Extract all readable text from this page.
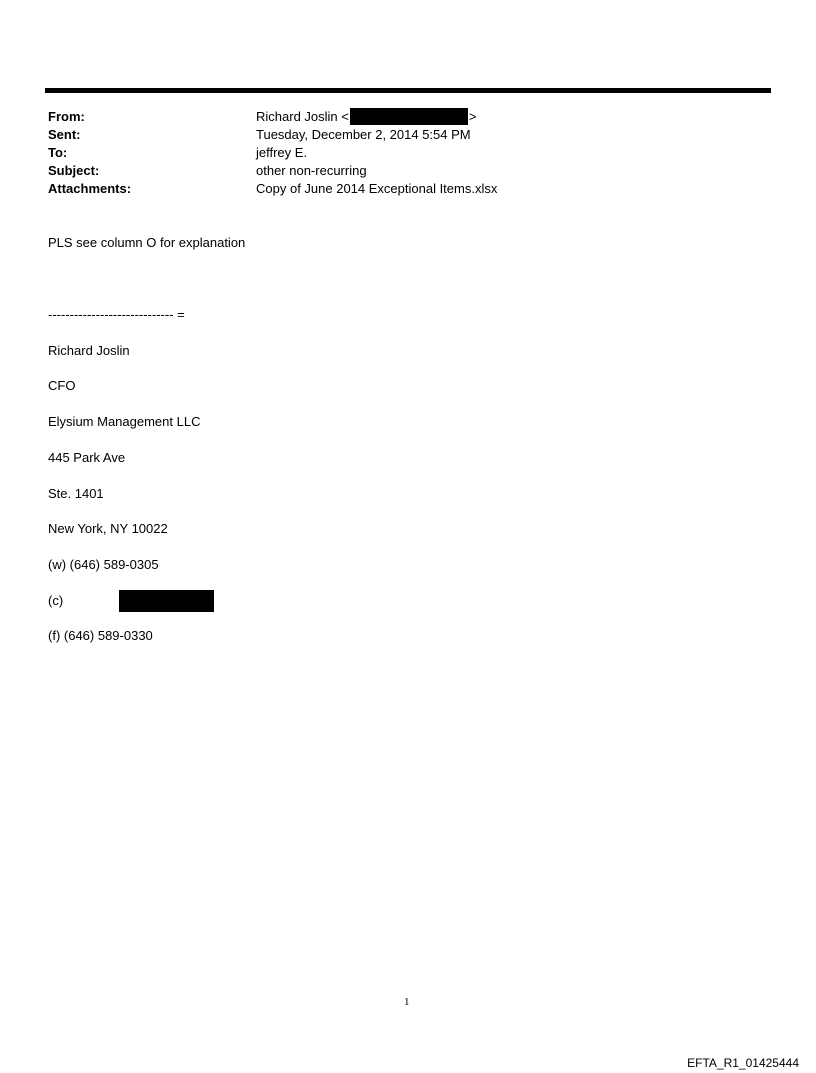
From:	Richard Joslin <	>
Sent:	Tuesday, December 2, 2014 5:54 PM
To:	jeffrey E.
Subject:	other non-recurring
Attachments:	Copy of June 2014 Exceptional Items.xlsx
PLS see column O for explanation
----------------------------- =
Richard Joslin
CFO
Elysium Management LLC
445 Park Ave
Ste. 1401
New York, NY 10022
(w) (646) 589-0305
(c)
(f) (646) 589-0330
1
EFTA_R1_01425444
